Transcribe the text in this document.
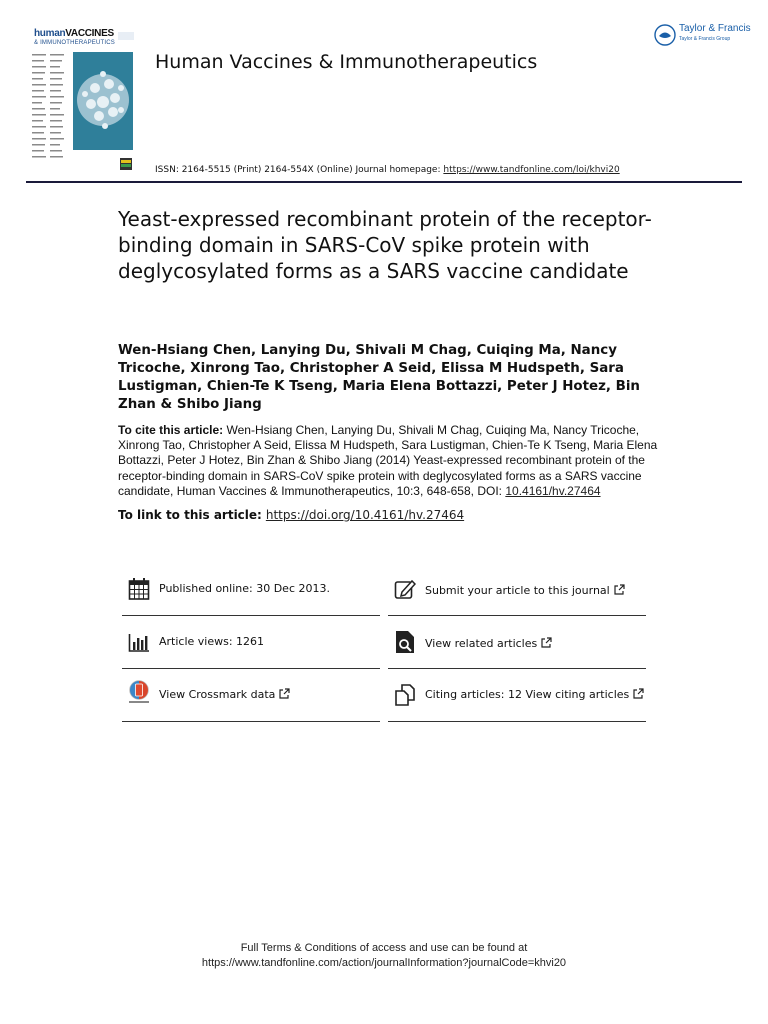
humanVACCINES
& IMMUNOTHERAPEUTICS
Human Vaccines & Immunotherapeutics
Taylor & Francis
Taylor & Francis Group
ISSN: 2164-5515 (Print) 2164-554X (Online) Journal homepage: https://www.tandfonline.com/loi/khvi20
Yeast-expressed recombinant protein of the receptor-binding domain in SARS-CoV spike protein with deglycosylated forms as a SARS vaccine candidate

Wen-Hsiang Chen, Lanying Du, Shivali M Chag, Cuiqing Ma, Nancy Tricoche, Xinrong Tao, Christopher A Seid, Elissa M Hudspeth, Sara Lustigman, Chien-Te K Tseng, Maria Elena Bottazzi, Peter J Hotez, Bin Zhan & Shibo Jiang

To cite this article: Wen-Hsiang Chen, Lanying Du, Shivali M Chag, Cuiqing Ma, Nancy Tricoche, Xinrong Tao, Christopher A Seid, Elissa M Hudspeth, Sara Lustigman, Chien-Te K Tseng, Maria Elena Bottazzi, Peter J Hotez, Bin Zhan & Shibo Jiang (2014) Yeast-expressed recombinant protein of the receptor-binding domain in SARS-CoV spike protein with deglycosylated forms as a SARS vaccine candidate, Human Vaccines & Immunotherapeutics, 10:3, 648-658, DOI: 10.4161/hv.27464

To link to this article: https://doi.org/10.4161/hv.27464
Published online: 30 Dec 2013.	Submit your article to this journal
Article views: 1261	View related articles
View Crossmark data	Citing articles: 12 View citing articles
Full Terms & Conditions of access and use can be found at
https://www.tandfonline.com/action/journalInformation?journalCode=khvi20
